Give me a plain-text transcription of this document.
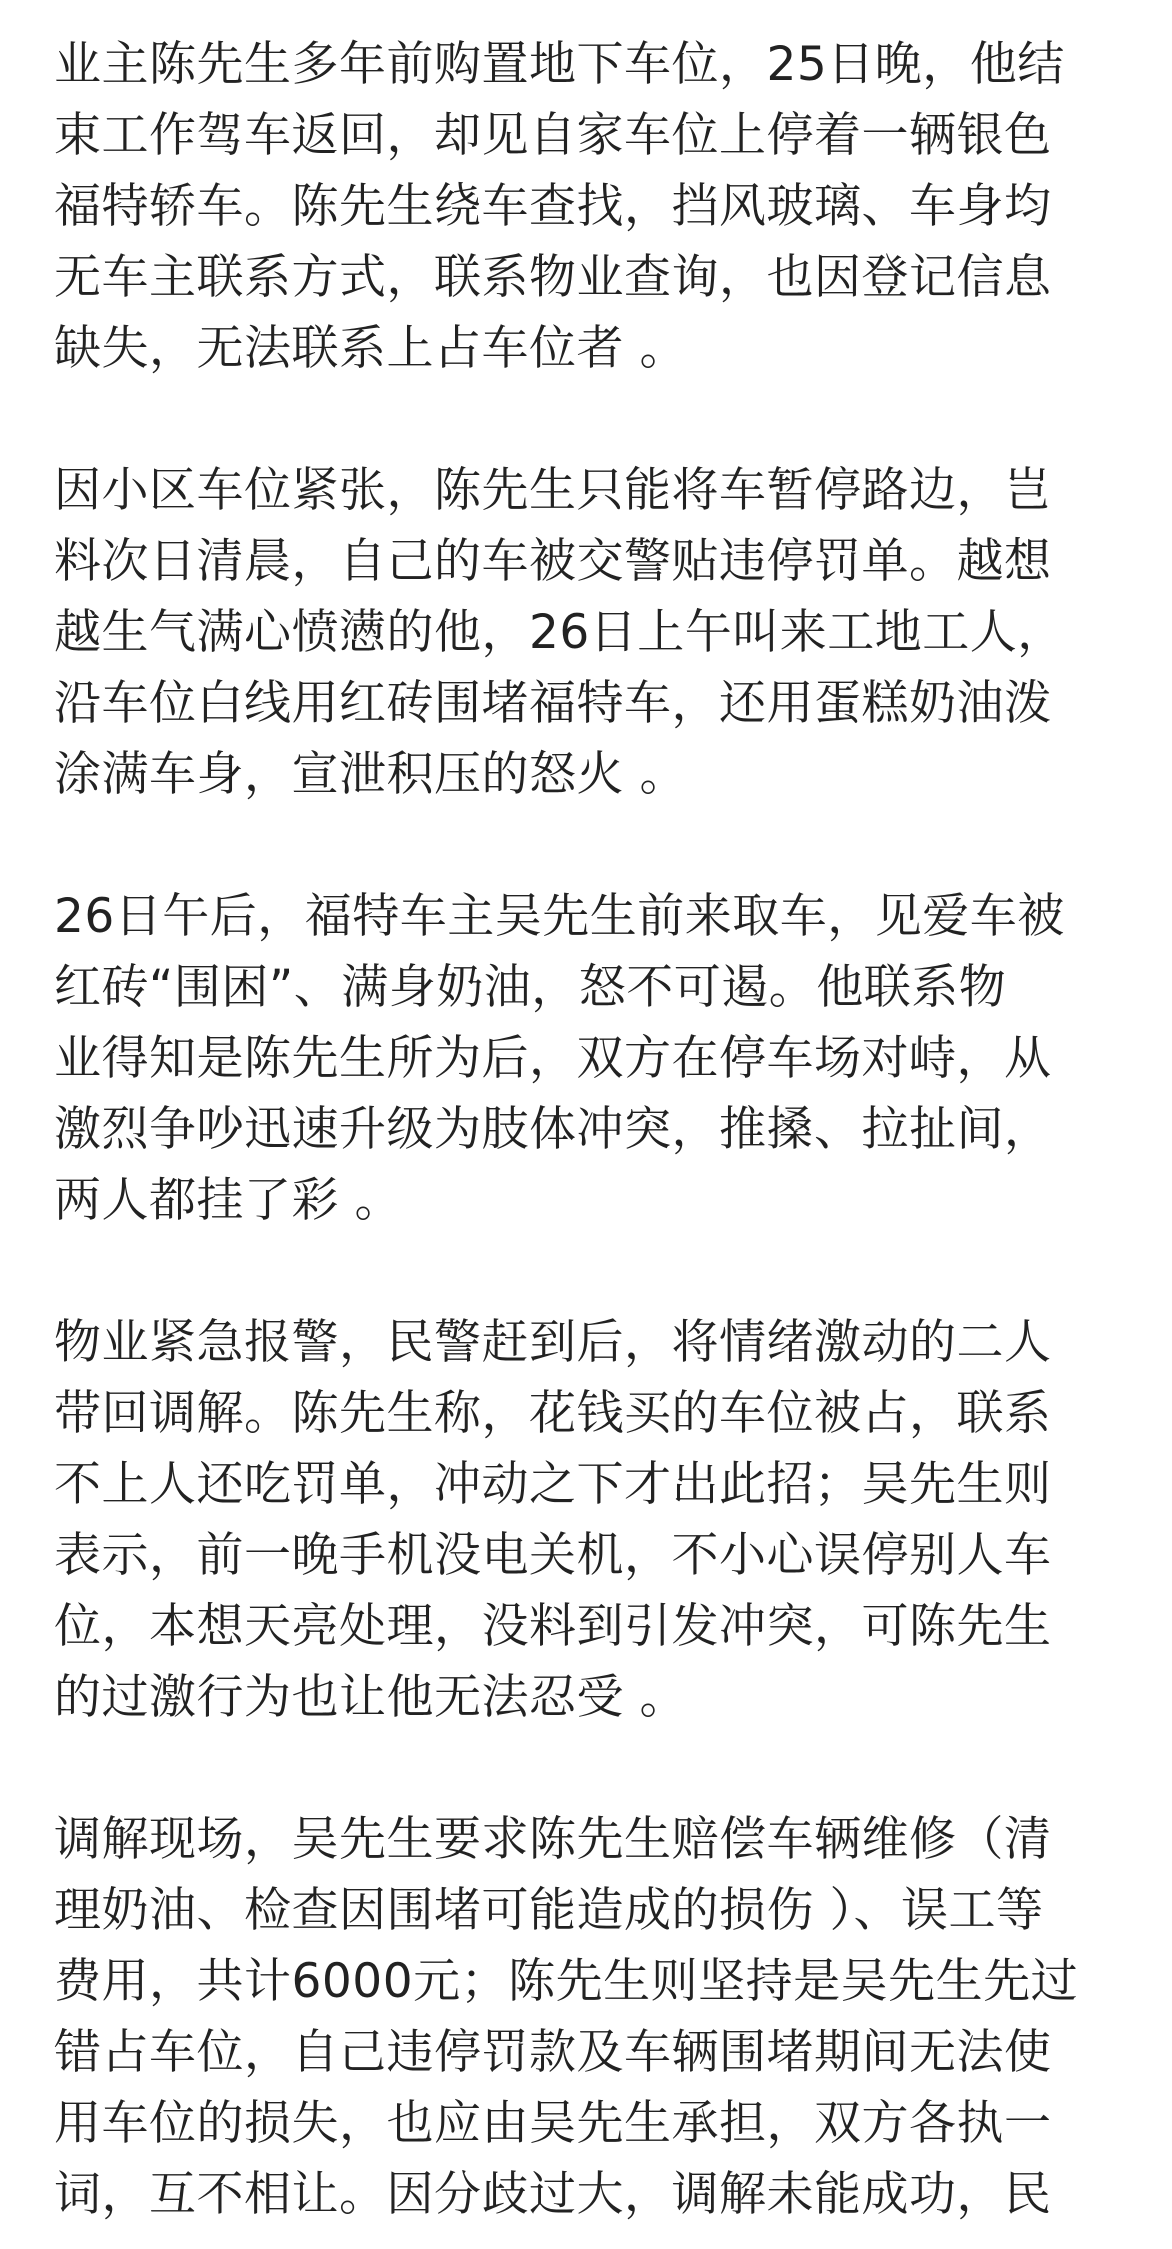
业主陈先生多年前购置地下车位，25日晚，他结
束工作驾车返回，却见自家车位上停着一辆银色
福特轿车。陈先生绕车查找，挡风玻璃、车身均
无车主联系方式，联系物业查询，也因登记信息
缺失，无法联系上占车位者 。

因小区车位紧张，陈先生只能将车暂停路边，岂
料次日清晨，自己的车被交警贴违停罚单。越想
越生气满心愤懑的他，26日上午叫来工地工人，
沿车位白线用红砖围堵福特车，还用蛋糕奶油泼
涂满车身，宣泄积压的怒火 。

26日午后，福特车主吴先生前来取车，见爱车被
红砖“围困”、满身奶油，怒不可遏。他联系物
业得知是陈先生所为后，双方在停车场对峙，从
激烈争吵迅速升级为肢体冲突，推搡、拉扯间，
两人都挂了彩 。

物业紧急报警，民警赶到后，将情绪激动的二人
带回调解。陈先生称，花钱买的车位被占，联系
不上人还吃罚单，冲动之下才出此招；吴先生则
表示，前一晚手机没电关机，不小心误停别人车
位，本想天亮处理，没料到引发冲突，可陈先生
的过激行为也让他无法忍受 。

调解现场，吴先生要求陈先生赔偿车辆维修（清
理奶油、检查因围堵可能造成的损伤 ）、误工等
费用，共计6000元；陈先生则坚持是吴先生先过
错占车位，自己违停罚款及车辆围堵期间无法使
用车位的损失，也应由吴先生承担，双方各执一
词，互不相让。因分歧过大，调解未能成功，民
